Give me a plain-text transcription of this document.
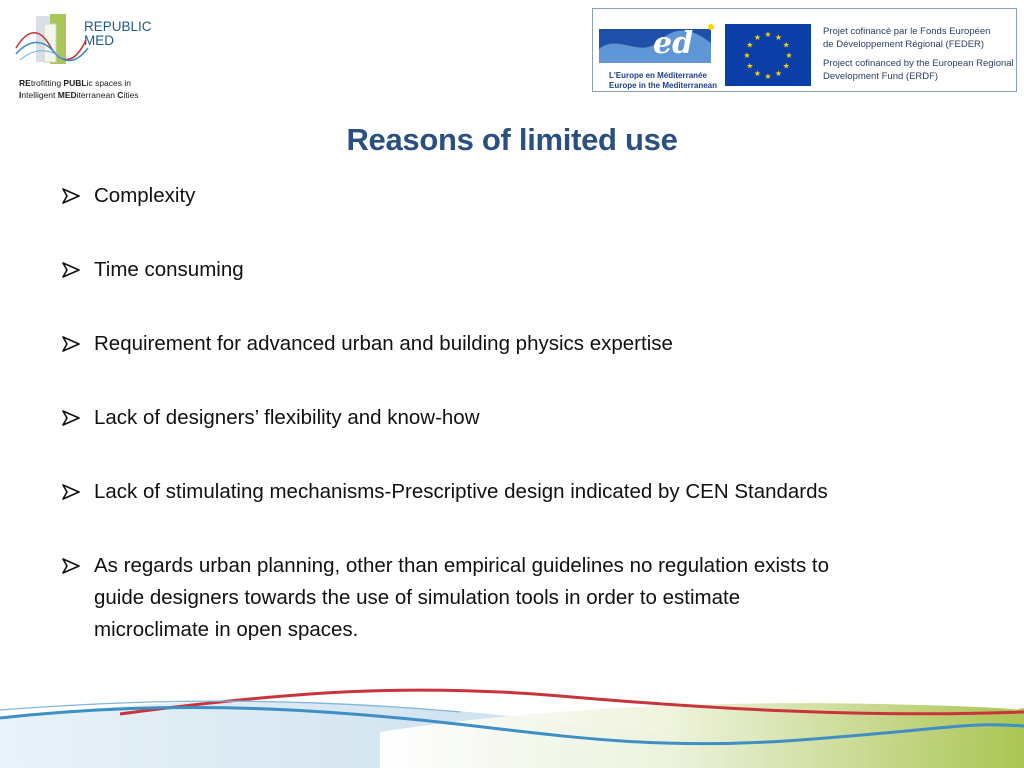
REPUBLIC
MED
REtrofitting PUBLic spaces in
Intelligent MEDiterranean Cities
ed
L'Europe en Méditerranée
Europe in the Mediterranean
★ ★
★
★
★
★
★
★
★
★
★
★
Projet cofinancé par le Fonds Européen
de Développement Régional (FEDER)
Project cofinanced by the European Regional
Development Fund (ERDF)
Reasons of limited use
Complexity
Time consuming
Requirement for advanced urban and building physics expertise
Lack of designers’ flexibility and know-how
Lack of stimulating mechanisms-Prescriptive design indicated by CEN Standards
As regards urban planning, other than empirical guidelines no regulation exists to
guide designers towards the use of simulation tools in order to estimate
microclimate in open spaces.
